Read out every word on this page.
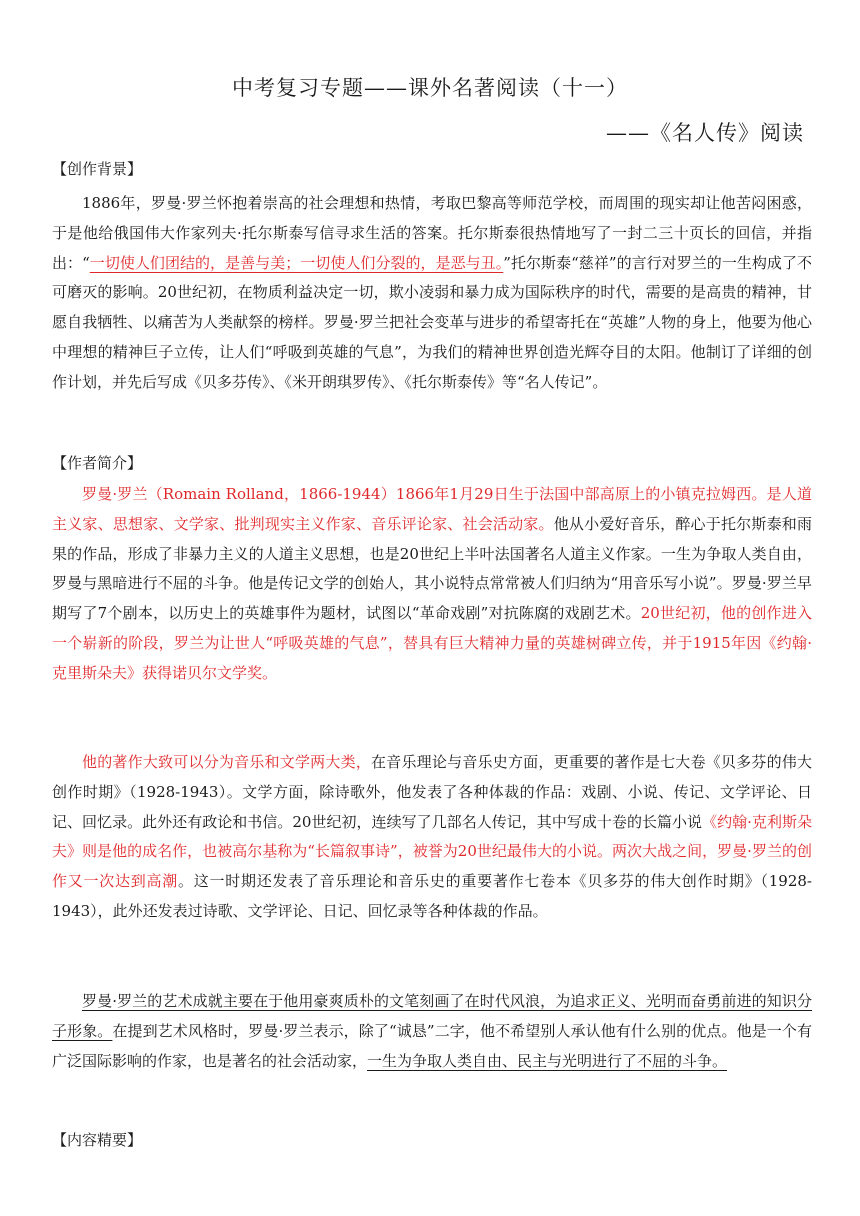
中考复习专题——课外名著阅读（十一）
——《名人传》阅读
【创作背景】

1886年，罗曼·罗兰怀抱着崇高的社会理想和热情，考取巴黎高等师范学校，而周围的现实却让他苦闷困惑，于是他给俄国伟大作家列夫·托尔斯泰写信寻求生活的答案。托尔斯泰很热情地写了一封二三十页长的回信，并指出：“一切使人们团结的，是善与美；一切使人们分裂的，是恶与丑。”托尔斯泰“慈祥”的言行对罗兰的一生构成了不可磨灭的影响。20世纪初，在物质利益决定一切，欺小凌弱和暴力成为国际秩序的时代，需要的是高贵的精神，甘愿自我牺牲、以痛苦为人类献祭的榜样。罗曼·罗兰把社会变革与进步的希望寄托在“英雄”人物的身上，他要为他心中理想的精神巨子立传，让人们“呼吸到英雄的气息”，为我们的精神世界创造光辉夺目的太阳。他制订了详细的创作计划，并先后写成《贝多芬传》、《米开朗琪罗传》、《托尔斯泰传》等“名人传记”。

【作者简介】

罗曼·罗兰（Romain Rolland，1866-1944）1866年1月29日生于法国中部高原上的小镇克拉姆西。是人道主义家、思想家、文学家、批判现实主义作家、音乐评论家、社会活动家。他从小爱好音乐，醉心于托尔斯泰和雨果的作品，形成了非暴力主义的人道主义思想，也是20世纪上半叶法国著名人道主义作家。一生为争取人类自由，罗曼与黑暗进行不屈的斗争。他是传记文学的创始人，其小说特点常常被人们归纳为“用音乐写小说”。罗曼·罗兰早期写了7个剧本，以历史上的英雄事件为题材，试图以“革命戏剧”对抗陈腐的戏剧艺术。20世纪初，他的创作进入一个崭新的阶段，罗兰为让世人“呼吸英雄的气息”，替具有巨大精神力量的英雄树碑立传，并于1915年因《约翰·克里斯朵夫》获得诺贝尔文学奖。

他的著作大致可以分为音乐和文学两大类，在音乐理论与音乐史方面，更重要的著作是七大卷《贝多芬的伟大创作时期》（1928-1943）。文学方面，除诗歌外，他发表了各种体裁的作品：戏剧、小说、传记、文学评论、日记、回忆录。此外还有政论和书信。20世纪初，连续写了几部名人传记，其中写成十卷的长篇小说《约翰·克利斯朵夫》则是他的成名作，也被高尔基称为“长篇叙事诗”，被誉为20世纪最伟大的小说。两次大战之间，罗曼·罗兰的创作又一次达到高潮。这一时期还发表了音乐理论和音乐史的重要著作七卷本《贝多芬的伟大创作时期》（1928-1943），此外还发表过诗歌、文学评论、日记、回忆录等各种体裁的作品。

罗曼·罗兰的艺术成就主要在于他用豪爽质朴的文笔刻画了在时代风浪，为追求正义、光明而奋勇前进的知识分子形象。在提到艺术风格时，罗曼·罗兰表示，除了“诚恳”二字，他不希望别人承认他有什么别的优点。他是一个有广泛国际影响的作家，也是著名的社会活动家，一生为争取人类自由、民主与光明进行了不屈的斗争。

【内容精要】
